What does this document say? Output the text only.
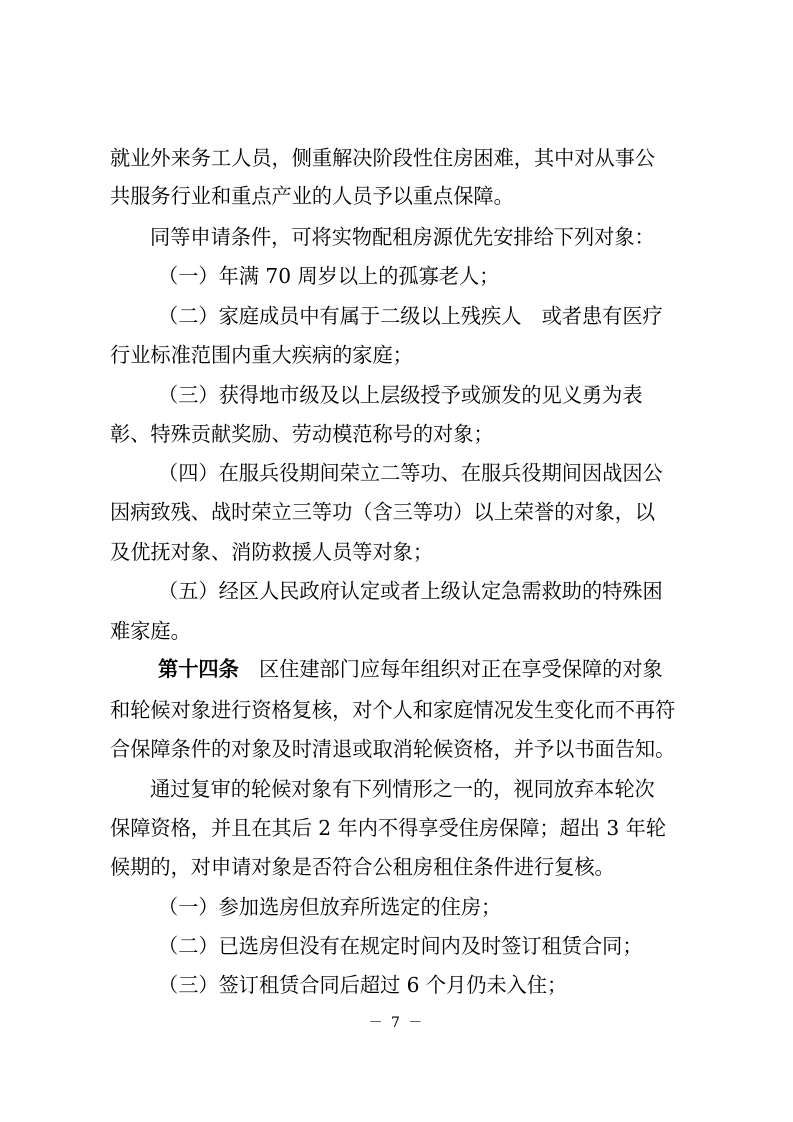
就业外来务工人员，侧重解决阶段性住房困难，其中对从事公

共服务行业和重点产业的人员予以重点保障。

同等申请条件，可将实物配租房源优先安排给下列对象：

（一）年满 70 周岁以上的孤寡老人；

（二）家庭成员中有属于二级以上残疾人　或者患有医疗

行业标准范围内重大疾病的家庭；

（三）获得地市级及以上层级授予或颁发的见义勇为表

彰、特殊贡献奖励、劳动模范称号的对象；

（四）在服兵役期间荣立二等功、在服兵役期间因战因公

因病致残、战时荣立三等功（含三等功）以上荣誉的对象，以

及优抚对象、消防救援人员等对象；

（五）经区人民政府认定或者上级认定急需救助的特殊困

难家庭。

第十四条　 区住建部门应每年组织对正在享受保障的对象

和轮候对象进行资格复核，对个人和家庭情况发生变化而不再符

合保障条件的对象及时清退或取消轮候资格，并予以书面告知。

通过复审的轮候对象有下列情形之一的，视同放弃本轮次

保障资格，并且在其后 2 年内不得享受住房保障；超出 3 年轮

候期的，对申请对象是否符合公租房租住条件进行复核。

（一）参加选房但放弃所选定的住房；

（二）已选房但没有在规定时间内及时签订租赁合同；

（三）签订租赁合同后超过 6 个月仍未入住；

－ 7 －
